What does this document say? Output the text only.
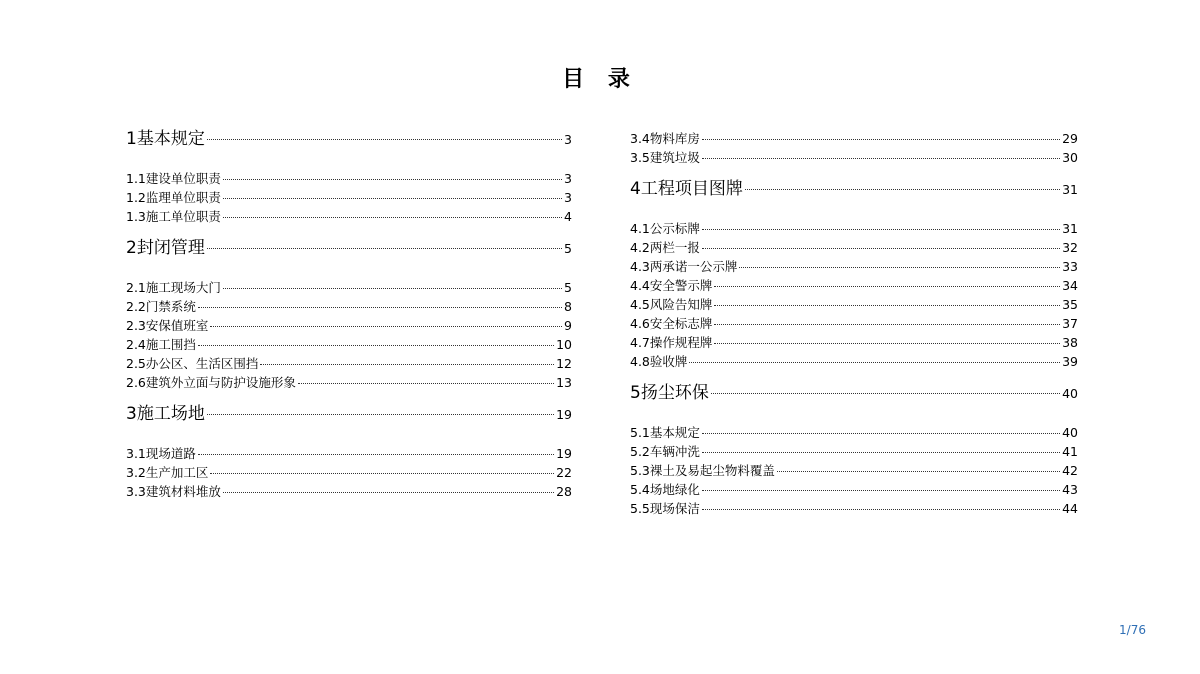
目 录
1基本规定	3
1.1建设单位职责	3
1.2监理单位职责	3
1.3施工单位职责	4
2封闭管理	5
2.1施工现场大门	5
2.2门禁系统	8
2.3安保值班室	9
2.4施工围挡	10
2.5办公区、生活区围挡	12
2.6建筑外立面与防护设施形象	13
3施工场地	19
3.1现场道路	19
3.2生产加工区	22
3.3建筑材料堆放	28
3.4物料库房	29
3.5建筑垃圾	30
4工程项目图牌	31
4.1公示标牌	31
4.2两栏一报	32
4.3两承诺一公示牌	33
4.4安全警示牌	34
4.5风险告知牌	35
4.6安全标志牌	37
4.7操作规程牌	38
4.8验收牌	39
5扬尘环保	40
5.1基本规定	40
5.2车辆冲洗	41
5.3裸土及易起尘物料覆盖	42
5.4场地绿化	43
5.5现场保洁	44
1/76
